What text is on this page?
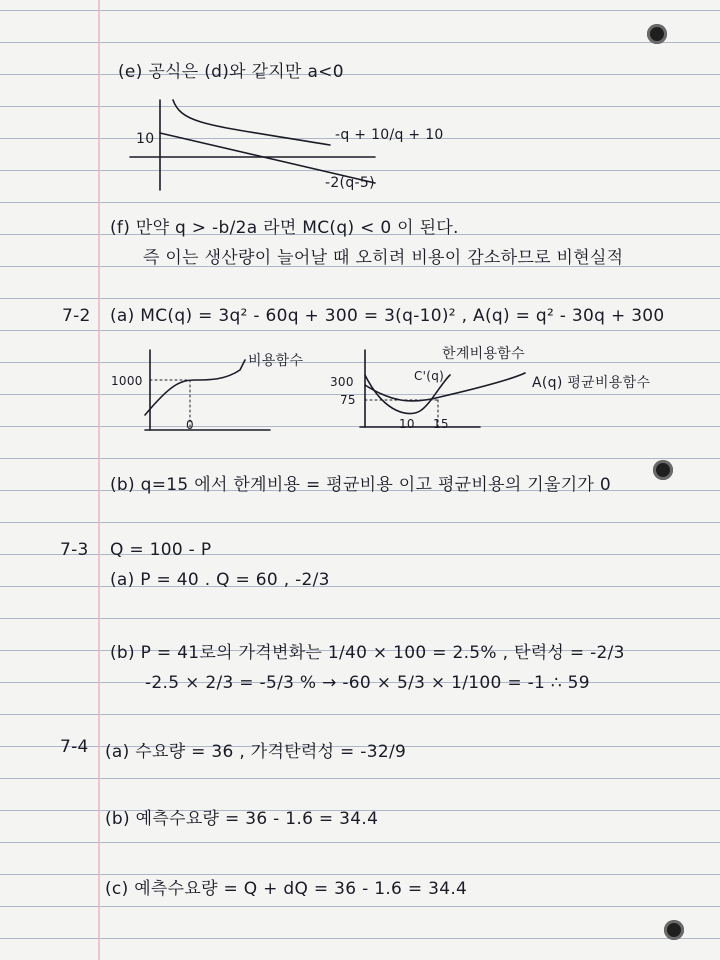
(e) 공식은 (d)와 같지만 a<0
10	-q + 10/q + 10
-2(q-5)
(f) 만약 q > -b/2a 라면 MC(q) < 0 이 된다.
즉 이는 생산량이 늘어날 때 오히려 비용이 감소하므로 비현실적
7-2 (a) MC(q) = 3q² - 60q + 300 = 3(q-10)² , A(q) = q² - 30q + 300
비용함수
1000
0
한계비용함수
C'(q)	A(q) 평균비용함수
300
75
10 15
(b) q=15 에서 한계비용 = 평균비용 이고 평균비용의 기울기가 0
7-3 Q = 100 - P
(a) P = 40 . Q = 60 , -2/3
(b) P = 41로의 가격변화는 1/40 × 100 = 2.5% , 탄력성 = -2/3
-2.5 × 2/3 = -5/3 % → -60 × 5/3 × 1/100 = -1 ∴ 59
7-4 (a) 수요량 = 36 , 가격탄력성 = -32/9
(b) 예측수요량 = 36 - 1.6 = 34.4
(c) 예측수요량 = Q + dQ = 36 - 1.6 = 34.4
